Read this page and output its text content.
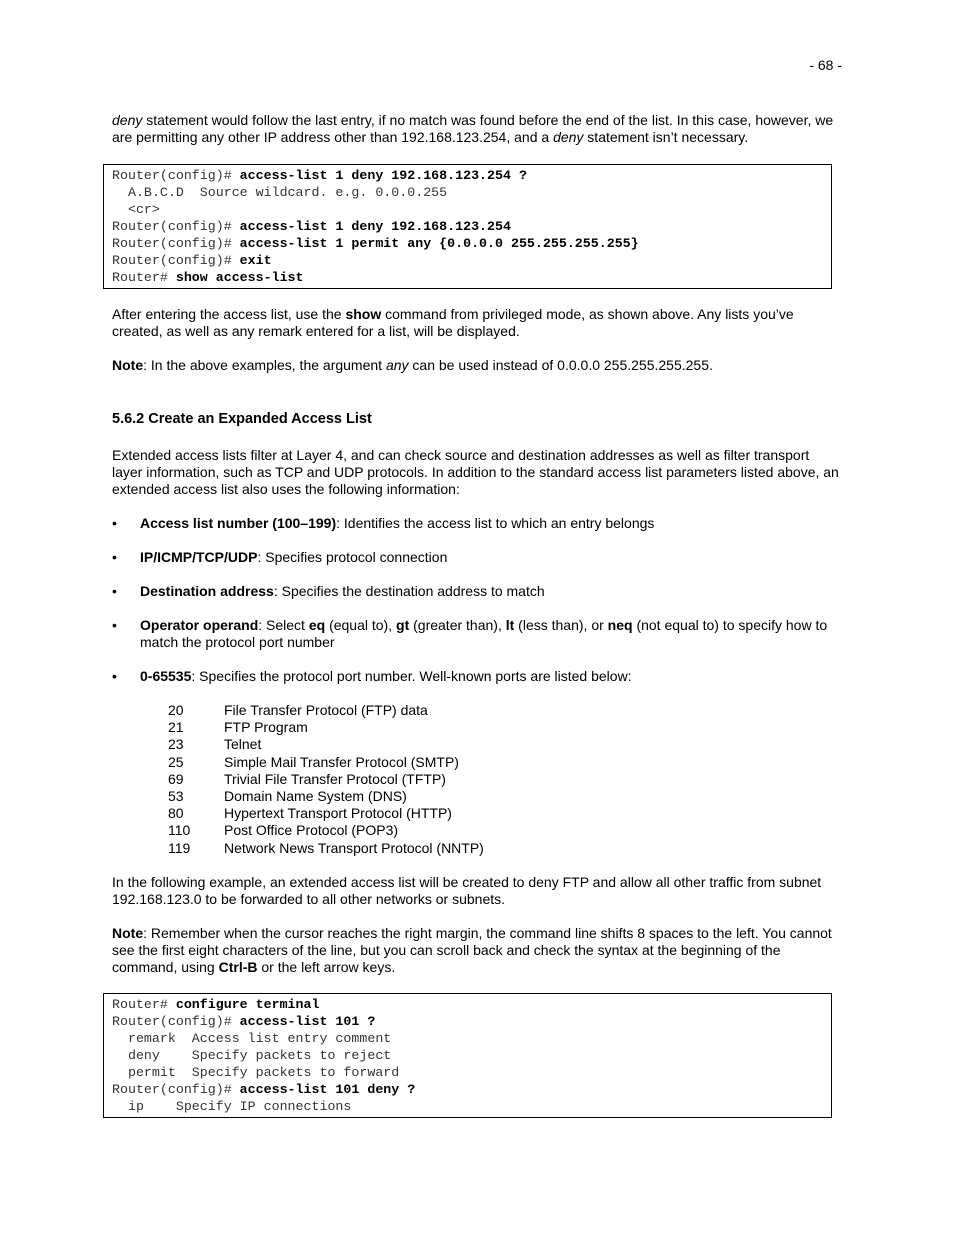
- 68 -

deny statement would follow the last entry, if no match was found before the end of the list. In this case, however, we are permitting any other IP address other than 192.168.123.254, and a deny statement isn’t necessary.

Router(config)# access-list 1 deny 192.168.123.254 ?
A.B.C.D  Source wildcard. e.g. 0.0.0.255
<cr>
Router(config)# access-list 1 deny 192.168.123.254
Router(config)# access-list 1 permit any {0.0.0.0 255.255.255.255}
Router(config)# exit
Router# show access-list

After entering the access list, use the show command from privileged mode, as shown above. Any lists you’ve created, as well as any remark entered for a list, will be displayed.

Note: In the above examples, the argument any can be used instead of 0.0.0.0 255.255.255.255.

5.6.2 Create an Expanded Access List

Extended access lists filter at Layer 4, and can check source and destination addresses as well as filter transport layer information, such as TCP and UDP protocols. In addition to the standard access list parameters listed above, an extended access list also uses the following information:

• Access list number (100–199): Identifies the access list to which an entry belongs
• IP/ICMP/TCP/UDP: Specifies protocol connection
• Destination address: Specifies the destination address to match
• Operator operand: Select eq (equal to), gt (greater than), lt (less than), or neq (not equal to) to specify how to match the protocol port number
• 0-65535: Specifies the protocol port number. Well-known ports are listed below:
20	File Transfer Protocol (FTP) data
21	FTP Program
23	Telnet
25	Simple Mail Transfer Protocol (SMTP)
69	Trivial File Transfer Protocol (TFTP)
53	Domain Name System (DNS)
80	Hypertext Transport Protocol (HTTP)
110	Post Office Protocol (POP3)
119	Network News Transport Protocol (NNTP)

In the following example, an extended access list will be created to deny FTP and allow all other traffic from subnet 192.168.123.0 to be forwarded to all other networks or subnets.

Note: Remember when the cursor reaches the right margin, the command line shifts 8 spaces to the left. You cannot see the first eight characters of the line, but you can scroll back and check the syntax at the beginning of the command, using Ctrl-B or the left arrow keys.

Router# configure terminal
Router(config)# access-list 101 ?
remark  Access list entry comment
deny    Specify packets to reject
permit  Specify packets to forward
Router(config)# access-list 101 deny ?
ip    Specify IP connections
